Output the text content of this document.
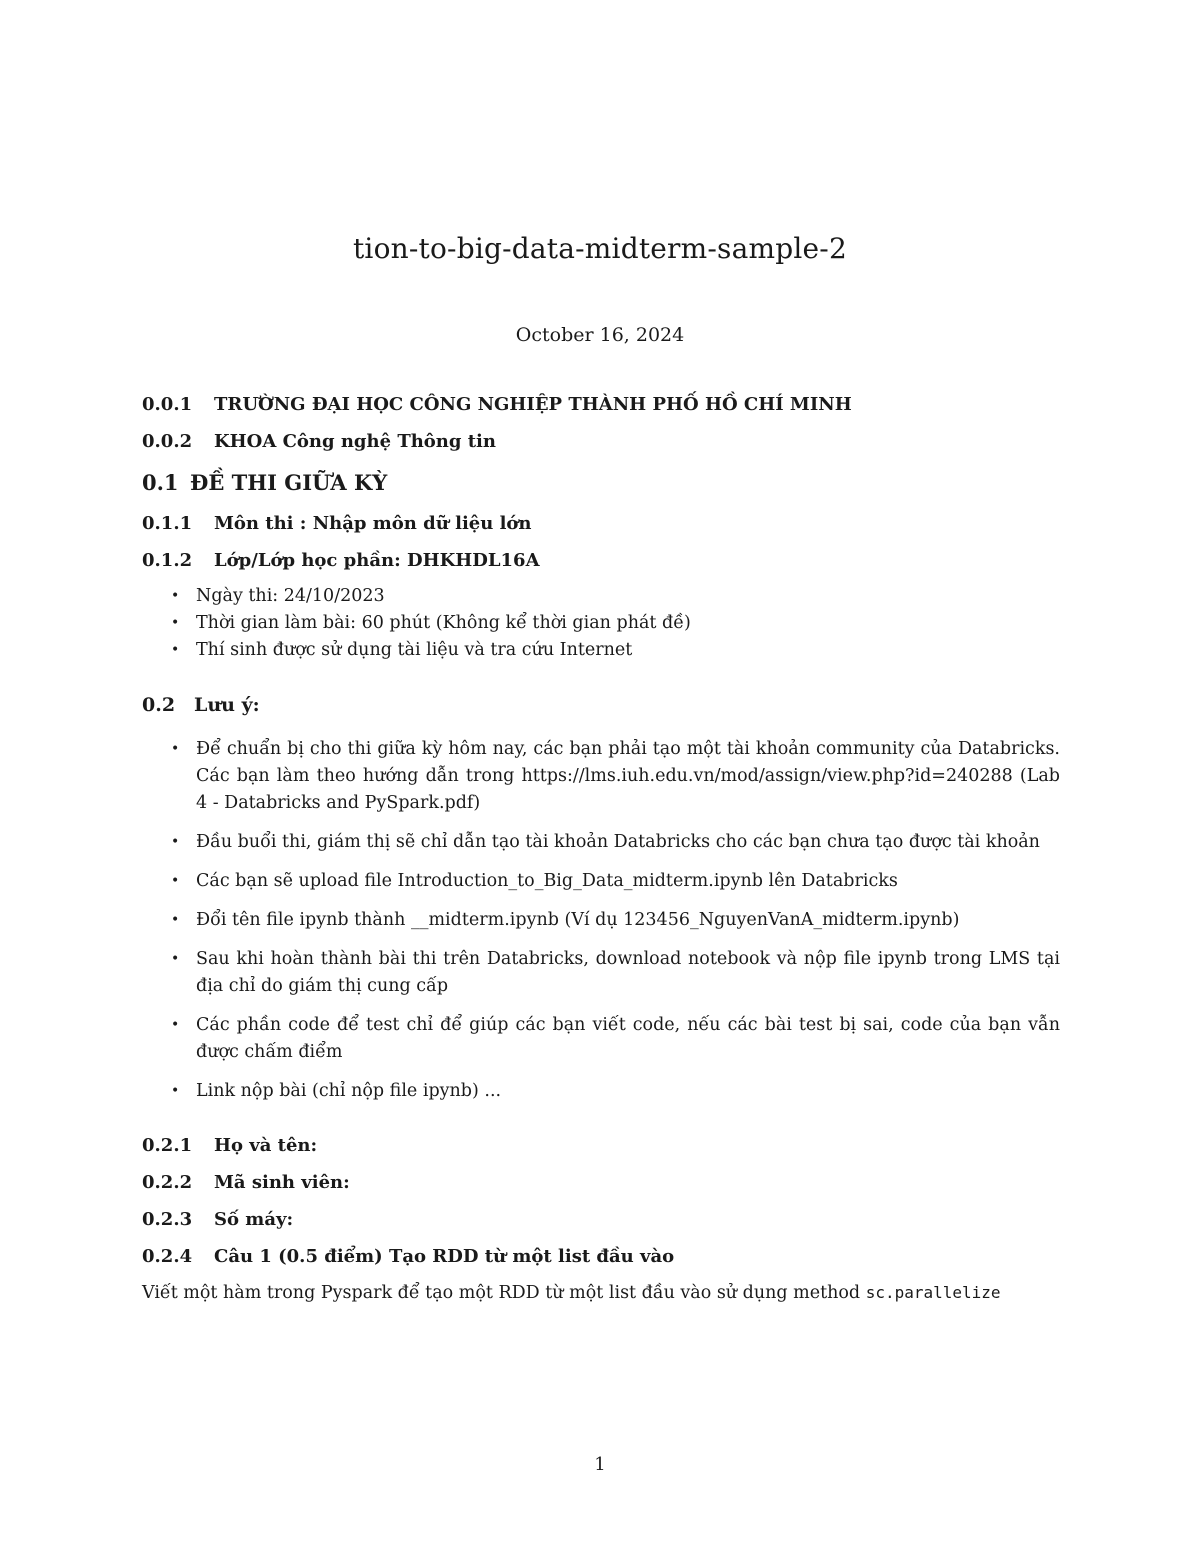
tion-to-big-data-midterm-sample-2

October 16, 2024

0.0.1 TRƯỜNG ĐẠI HỌC CÔNG NGHIỆP THÀNH PHỐ HỒ CHÍ MINH
0.0.2 KHOA Công nghệ Thông tin
0.1 ĐỀ THI GIỮA KỲ
0.1.1 Môn thi : Nhập môn dữ liệu lớn
0.1.2 Lớp/Lớp học phần: DHKHDL16A
• Ngày thi: 24/10/2023
• Thời gian làm bài: 60 phút (Không kể thời gian phát đề)
• Thí sinh được sử dụng tài liệu và tra cứu Internet
0.2 Lưu ý:
• Để chuẩn bị cho thi giữa kỳ hôm nay, các bạn phải tạo một tài khoản community của Databricks. Các bạn làm theo hướng dẫn trong https://lms.iuh.edu.vn/mod/assign/view.php?id=240288 (Lab 4 - Databricks and PySpark.pdf)
• Đầu buổi thi, giám thị sẽ chỉ dẫn tạo tài khoản Databricks cho các bạn chưa tạo được tài khoản
• Các bạn sẽ upload file Introduction_to_Big_Data_midterm.ipynb lên Databricks
• Đổi tên file ipynb thành __midterm.ipynb (Ví dụ 123456_NguyenVanA_midterm.ipynb)
• Sau khi hoàn thành bài thi trên Databricks, download notebook và nộp file ipynb trong LMS tại địa chỉ do giám thị cung cấp
• Các phần code để test chỉ để giúp các bạn viết code, nếu các bài test bị sai, code của bạn vẫn được chấm điểm
• Link nộp bài (chỉ nộp file ipynb) ...
0.2.1 Họ và tên:
0.2.2 Mã sinh viên:
0.2.3 Số máy:
0.2.4 Câu 1 (0.5 điểm) Tạo RDD từ một list đầu vào

Viết một hàm trong Pyspark để tạo một RDD từ một list đầu vào sử dụng method sc.parallelize

1
